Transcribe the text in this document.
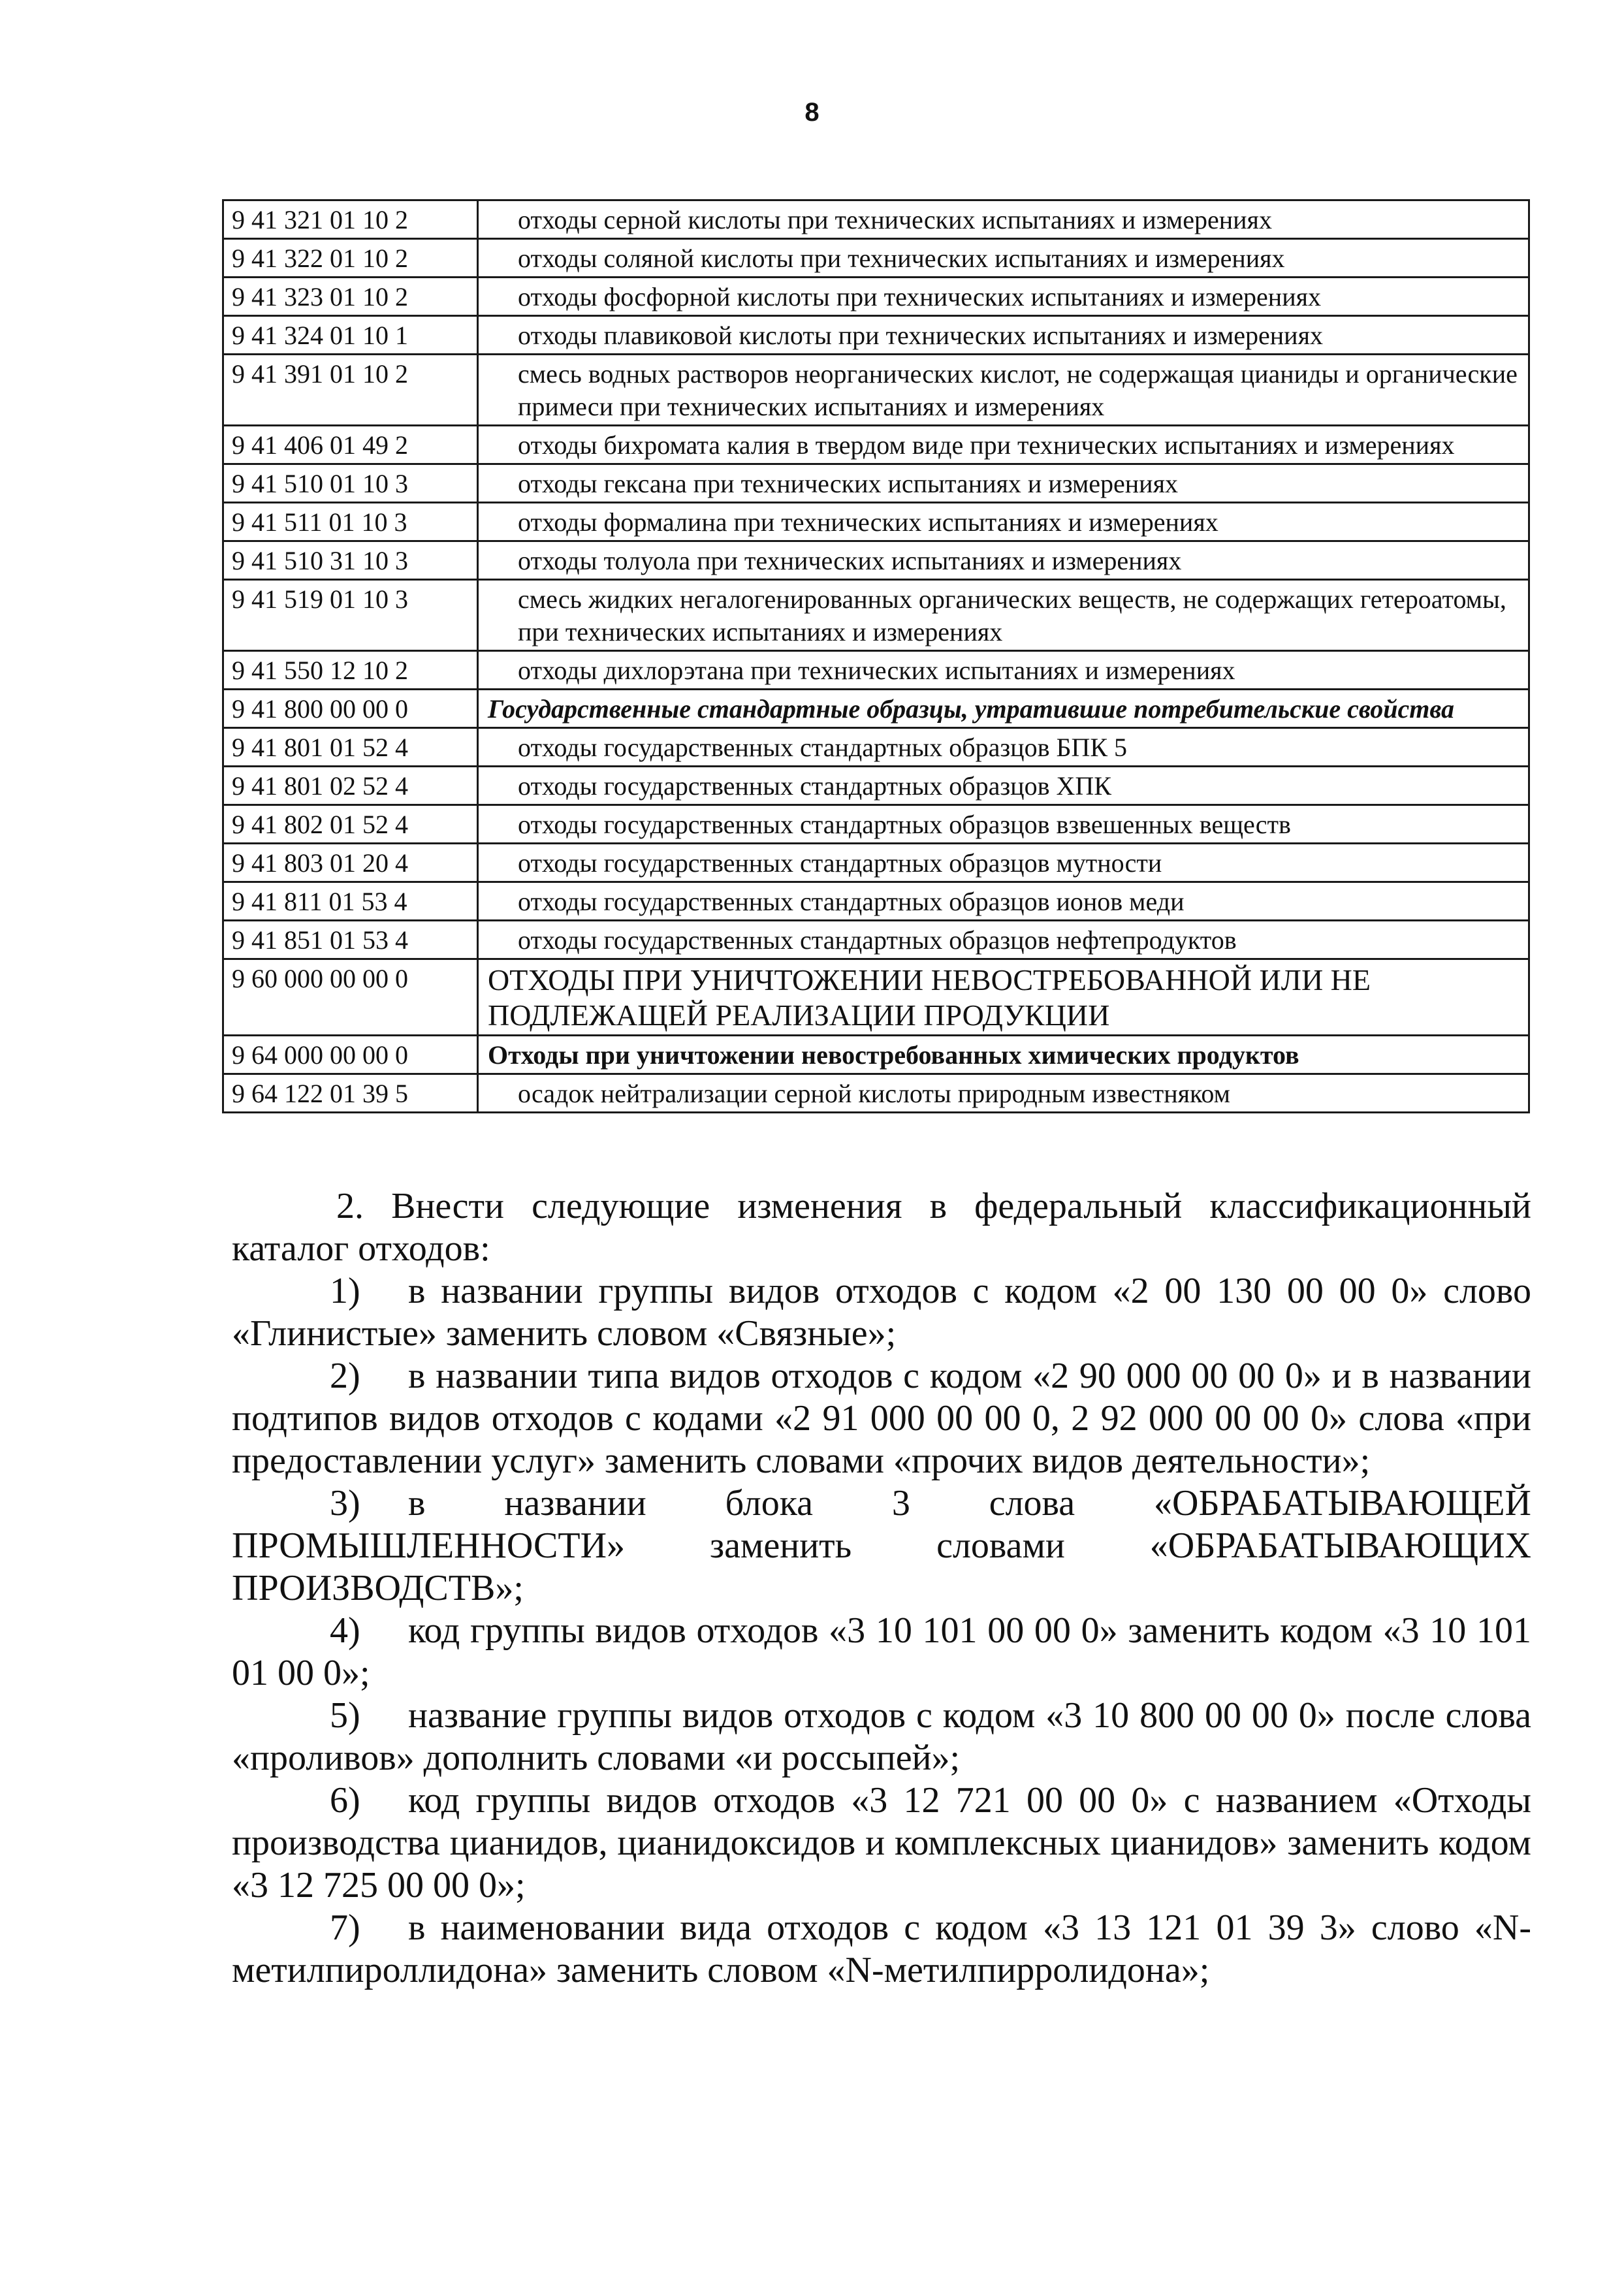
8
9 41 321 01 10 2	отходы серной кислоты при технических испытаниях и измерениях
9 41 322 01 10 2	отходы соляной кислоты при технических испытаниях и измерениях
9 41 323 01 10 2	отходы фосфорной кислоты при технических испытаниях и измерениях
9 41 324 01 10 1	отходы плавиковой кислоты при технических испытаниях и измерениях
9 41 391 01 10 2	смесь водных растворов неорганических кислот, не содержащая цианиды и органические примеси при технических испытаниях и измерениях
9 41 406 01 49 2	отходы бихромата калия в твердом виде при технических испытаниях и измерениях
9 41 510 01 10 3	отходы гексана при технических испытаниях и измерениях
9 41 511 01 10 3	отходы формалина при технических испытаниях и измерениях
9 41 510 31 10 3	отходы толуола при технических испытаниях и измерениях
9 41 519 01 10 3	смесь жидких негалогенированных органических веществ, не содержащих гетероатомы, при технических испытаниях и измерениях
9 41 550 12 10 2	отходы дихлорэтана при технических испытаниях и измерениях
9 41 800 00 00 0	Государственные стандартные образцы, утратившие потребительские свойства
9 41 801 01 52 4	отходы государственных стандартных образцов БПК 5
9 41 801 02 52 4	отходы государственных стандартных образцов ХПК
9 41 802 01 52 4	отходы государственных стандартных образцов взвешенных веществ
9 41 803 01 20 4	отходы государственных стандартных образцов мутности
9 41 811 01 53 4	отходы государственных стандартных образцов ионов меди
9 41 851 01 53 4	отходы государственных стандартных образцов нефтепродуктов
9 60 000 00 00 0	ОТХОДЫ ПРИ УНИЧТОЖЕНИИ НЕВОСТРЕБОВАННОЙ ИЛИ НЕ ПОДЛЕЖАЩЕЙ РЕАЛИЗАЦИИ ПРОДУКЦИИ
9 64 000 00 00 0	Отходы при уничтожении невостребованных химических продуктов
9 64 122 01 39 5	осадок нейтрализации серной кислоты природным известняком

2. Внести следующие изменения в федеральный классификационный каталог отходов:

1) в названии группы видов отходов с кодом «2 00 130 00 00 0» слово «Глинистые» заменить словом «Связные»;

2) в названии типа видов отходов с кодом «2 90 000 00 00 0» и в названии подтипов видов отходов с кодами «2 91 000 00 00 0, 2 92 000 00 00 0» слова «при предоставлении услуг» заменить словами «прочих видов деятельности»;

3) в названии блока 3 слова «ОБРАБАТЫВАЮЩЕЙ ПРОМЫШЛЕННОСТИ» заменить словами «ОБРАБАТЫВАЮЩИХ ПРОИЗВОДСТВ»;

4) код группы видов отходов «3 10 101 00 00 0» заменить кодом «3 10 101 01 00 0»;

5) название группы видов отходов с кодом «3 10 800 00 00 0» после слова «проливов» дополнить словами «и россыпей»;

6) код группы видов отходов «3 12 721 00 00 0» с названием «Отходы производства цианидов, цианидоксидов и комплексных цианидов» заменить кодом «3 12 725 00 00 0»;

7) в наименовании вида отходов с кодом «3 13 121 01 39 3» слово «N-метилпироллидона» заменить словом «N-метилпирролидона»;
